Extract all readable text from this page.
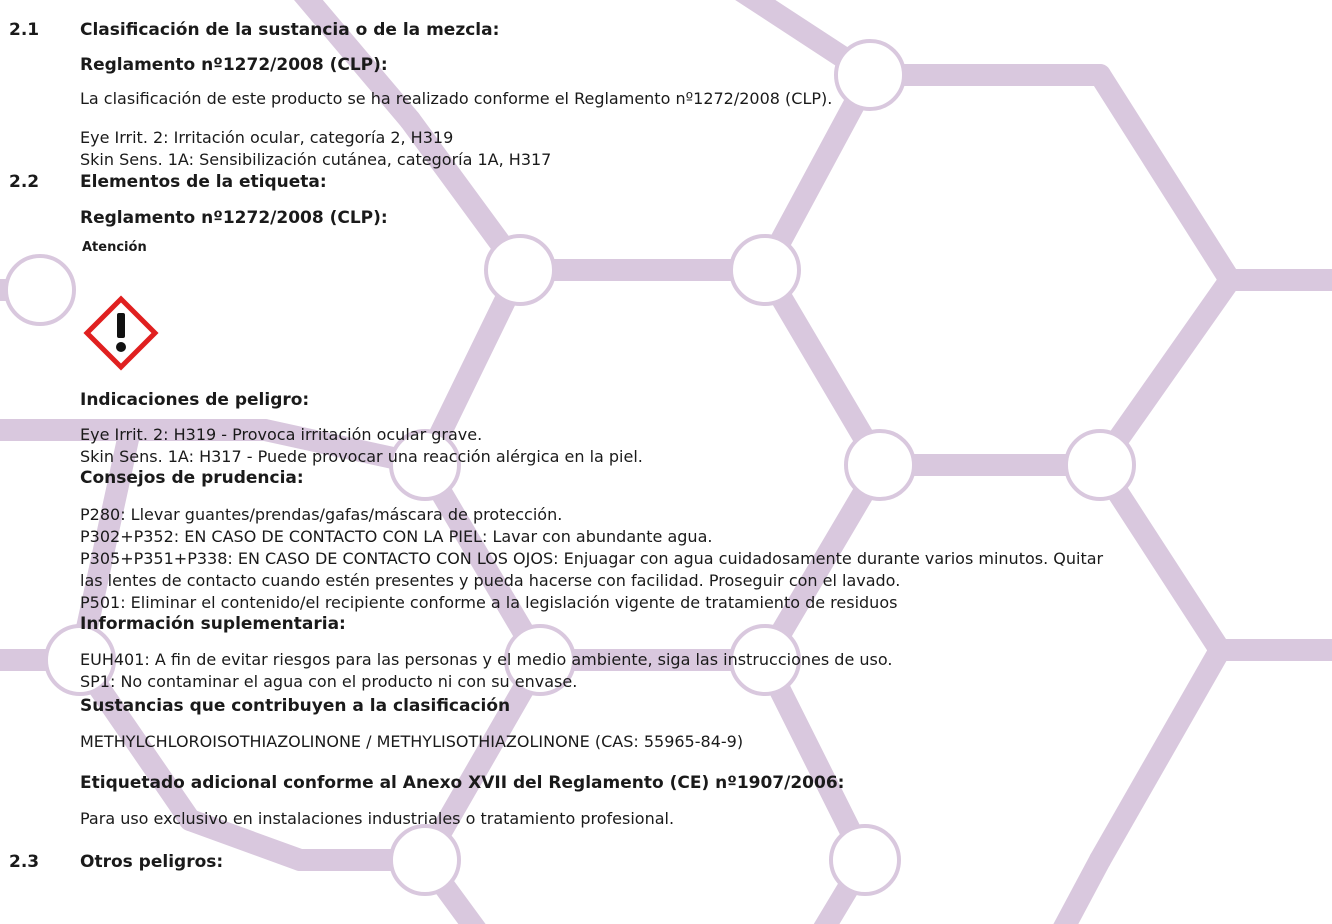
2.1 Clasificación de la sustancia o de la mezcla:
Reglamento nº1272/2008 (CLP):
La clasificación de este producto se ha realizado conforme el Reglamento nº1272/2008 (CLP).
Eye Irrit. 2: Irritación ocular, categoría 2, H319
Skin Sens. 1A: Sensibilización cutánea, categoría 1A, H317
2.2 Elementos de la etiqueta:
Reglamento nº1272/2008 (CLP):
Atención
Indicaciones de peligro:
Eye Irrit. 2: H319 - Provoca irritación ocular grave.
Skin Sens. 1A: H317 - Puede provocar una reacción alérgica en la piel.
Consejos de prudencia:
P280: Llevar guantes/prendas/gafas/máscara de protección.
P302+P352: EN CASO DE CONTACTO CON LA PIEL: Lavar con abundante agua.
P305+P351+P338: EN CASO DE CONTACTO CON LOS OJOS: Enjuagar con agua cuidadosamente durante varios minutos. Quitar
las lentes de contacto cuando estén presentes y pueda hacerse con facilidad. Proseguir con el lavado.
P501: Eliminar el contenido/el recipiente conforme a la legislación vigente de tratamiento de residuos
Información suplementaria:
EUH401: A fin de evitar riesgos para las personas y el medio ambiente, siga las instrucciones de uso.
SP1: No contaminar el agua con el producto ni con su envase.
Sustancias que contribuyen a la clasificación
METHYLCHLOROISOTHIAZOLINONE / METHYLISOTHIAZOLINONE (CAS: 55965-84-9)
Etiquetado adicional conforme al Anexo XVII del Reglamento (CE) nº1907/2006:
Para uso exclusivo en instalaciones industriales o tratamiento profesional.
2.3 Otros peligros:
